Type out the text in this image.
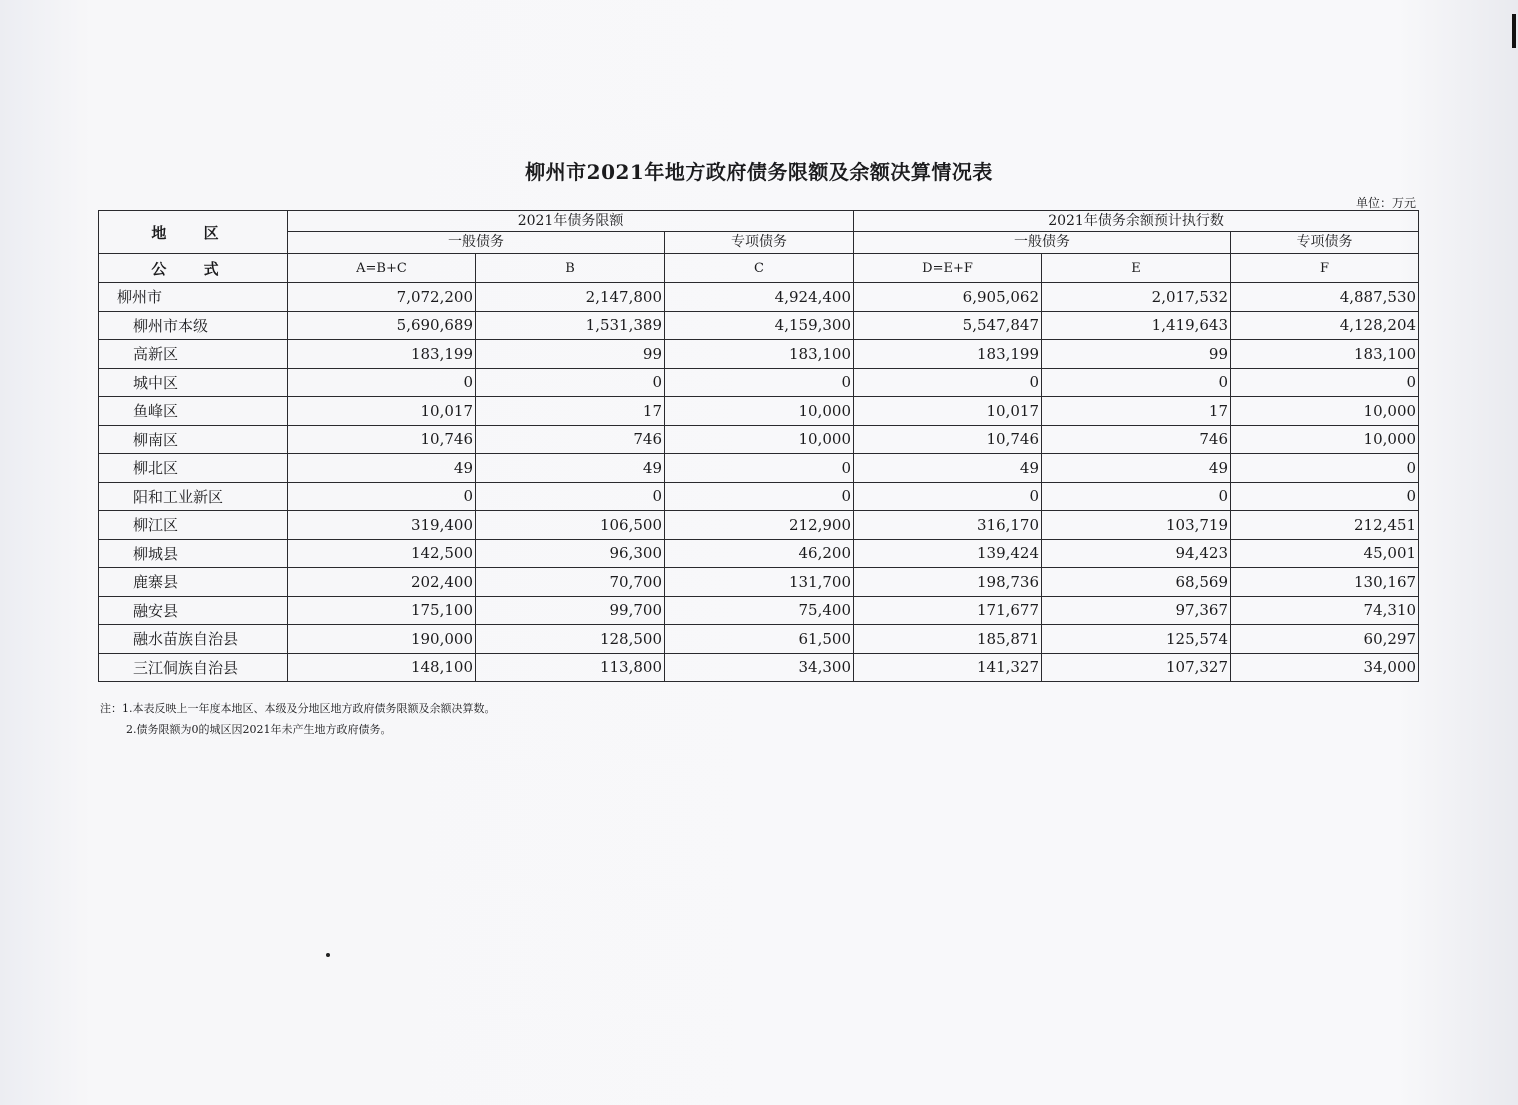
柳州市2021年地方政府债务限额及余额决算情况表
单位：万元
地 区	2021年债务限额			2021年债务余额预计执行数		
	一般债务		专项债务	一般债务		专项债务
公 式	A=B+C	B	C	D=E+F	E	F
柳州市	7,072,200	2,147,800	4,924,400	6,905,062	2,017,532	4,887,530
柳州市本级	5,690,689	1,531,389	4,159,300	5,547,847	1,419,643	4,128,204
高新区	183,199	99	183,100	183,199	99	183,100
城中区	0	0	0	0	0	0
鱼峰区	10,017	17	10,000	10,017	17	10,000
柳南区	10,746	746	10,000	10,746	746	10,000
柳北区	49	49	0	49	49	0
阳和工业新区	0	0	0	0	0	0
柳江区	319,400	106,500	212,900	316,170	103,719	212,451
柳城县	142,500	96,300	46,200	139,424	94,423	45,001
鹿寨县	202,400	70,700	131,700	198,736	68,569	130,167
融安县	175,100	99,700	75,400	171,677	97,367	74,310
融水苗族自治县	190,000	128,500	61,500	185,871	125,574	60,297
三江侗族自治县	148,100	113,800	34,300	141,327	107,327	34,000
注：1.本表反映上一年度本地区、本级及分地区地方政府债务限额及余额决算数。
2.债务限额为0的城区因2021年未产生地方政府债务。
